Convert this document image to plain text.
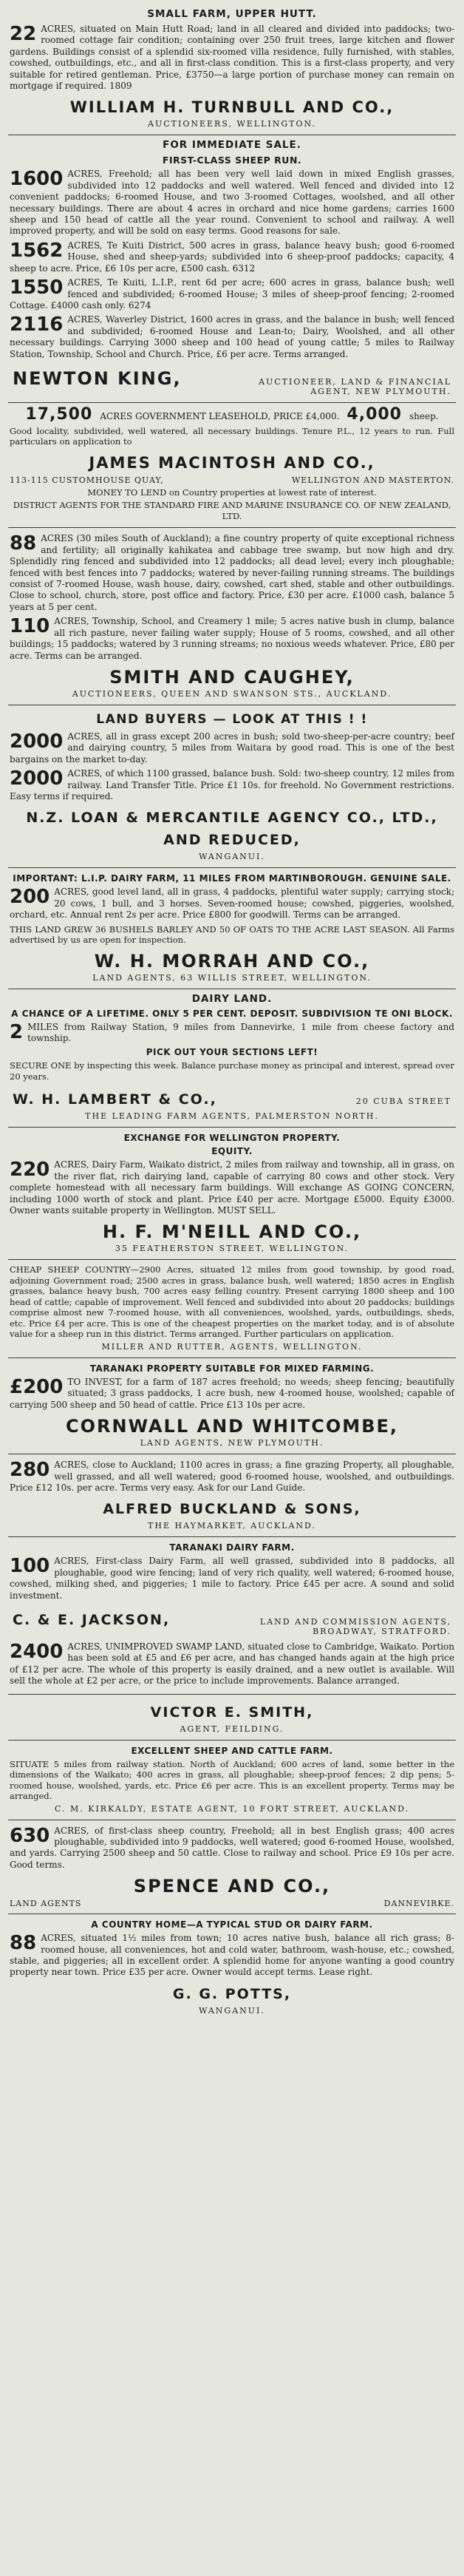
SMALL FARM, UPPER HUTT.
22 ACRES, situated on Main Hutt Road; land in all cleared and divided into paddocks; two-roomed cottage fair condition; containing over 250 fruit trees, large kitchen and flower gardens. Buildings consist of a splendid six-roomed villa residence, fully furnished, with stables, cowshed, outbuildings, etc., and all in first-class condition. This is a first-class property, and very suitable for retired gentleman. Price, £3750—a large portion of purchase money can remain on mortgage if required. 1809
WILLIAM H. TURNBULL AND CO.,
AUCTIONEERS, WELLINGTON.
FOR IMMEDIATE SALE.
FIRST-CLASS SHEEP RUN.
1600 ACRES, Freehold; all has been very well laid down in mixed English grasses, subdivided into 12 paddocks and well watered. Well fenced and divided into 12 convenient paddocks; 6-roomed House, and two 3-roomed Cottages, woolshed, and all other necessary buildings. There are about 4 acres in orchard and nice home gardens; carries 1600 sheep and 150 head of cattle all the year round. Convenient to school and railway. A well improved property, and will be sold on easy terms. Good reasons for sale.
1562 ACRES, Te Kuiti District, 500 acres in grass, balance heavy bush; good 6-roomed House, shed and sheep-yards; subdivided into 6 sheep-proof paddocks; capacity, 4 sheep to acre. Price, £6 10s per acre, £500 cash. 6312
1550 ACRES, Te Kuiti, L.I.P., rent 6d per acre; 600 acres in grass, balance bush; well fenced and subdivided; 6-roomed House; 3 miles of sheep-proof fencing; 2-roomed Cottage. £4000 cash only. 6274
2116 ACRES, Waverley District, 1600 acres in grass, and the balance in bush; well fenced and subdivided; 6-roomed House and Lean-to; Dairy, Woolshed, and all other necessary buildings. Carrying 3000 sheep and 100 head of young cattle; 5 miles to Railway Station, Township, School and Church. Price, £6 per acre. Terms arranged.
NEWTON KING,	AUCTIONEER, LAND & FINANCIAL AGENT, NEW PLYMOUTH.
17,500 ACRES GOVERNMENT LEASEHOLD, PRICE £4,000. 4,000 sheep.
Good locality, subdivided, well watered, all necessary buildings. Tenure P.L., 12 years to run. Full particulars on application to
JAMES MACINTOSH AND CO.,
113-115 CUSTOMHOUSE QUAY,	WELLINGTON AND MASTERTON.
MONEY TO LEND on Country properties at lowest rate of interest.
DISTRICT AGENTS FOR THE STANDARD FIRE AND MARINE INSURANCE CO. OF NEW ZEALAND, LTD.
88 ACRES (30 miles South of Auckland); a fine country property of quite exceptional richness and fertility; all originally kahikatea and cabbage tree swamp, but now high and dry. Splendidly ring fenced and subdivided into 12 paddocks; all dead level; every inch ploughable; fenced with best fences into 7 paddocks; watered by never-failing running streams. The buildings consist of 7-roomed House, wash house, dairy, cowshed, cart shed, stable and other outbuildings. Close to school, church, store, post office and factory. Price, £30 per acre. £1000 cash, balance 5 years at 5 per cent.
110 ACRES, Township, School, and Creamery 1 mile; 5 acres native bush in clump, balance all rich pasture, never failing water supply; House of 5 rooms, cowshed, and all other buildings; 15 paddocks; watered by 3 running streams; no noxious weeds whatever. Price, £80 per acre. Terms can be arranged.
SMITH AND CAUGHEY,
AUCTIONEERS, QUEEN AND SWANSON STS., AUCKLAND.
LAND BUYERS — LOOK AT THIS ! !
2000 ACRES, all in grass except 200 acres in bush; sold two-sheep-per-acre country; beef and dairying country, 5 miles from Waitara by good road. This is one of the best bargains on the market to-day.
2000 ACRES, of which 1100 grassed, balance bush. Sold: two-sheep country, 12 miles from railway. Land Transfer Title. Price £1 10s. for freehold. No Government restrictions. Easy terms if required.
N.Z. LOAN & MERCANTILE AGENCY CO., LTD., AND REDUCED,
WANGANUI.
IMPORTANT: L.I.P. DAIRY FARM, 11 MILES FROM MARTINBOROUGH. GENUINE SALE.
200 ACRES, good level land, all in grass, 4 paddocks, plentiful water supply; carrying stock; 20 cows, 1 bull, and 3 horses. Seven-roomed house; cowshed, piggeries, woolshed, orchard, etc. Annual rent 2s per acre. Price £800 for goodwill. Terms can be arranged.
THIS LAND GREW 36 BUSHELS BARLEY AND 50 OF OATS TO THE ACRE LAST SEASON. All Farms advertised by us are open for inspection.
W. H. MORRAH AND CO.,
LAND AGENTS, 63 WILLIS STREET, WELLINGTON.
DAIRY LAND.
A CHANCE OF A LIFETIME. ONLY 5 PER CENT. DEPOSIT. SUBDIVISION TE ONI BLOCK.
2 MILES from Railway Station, 9 miles from Dannevirke, 1 mile from cheese factory and township.
PICK OUT YOUR SECTIONS LEFT!
SECURE ONE by inspecting this week. Balance purchase money as principal and interest, spread over 20 years.
W. H. LAMBERT & CO.,	20 CUBA STREET
THE LEADING FARM AGENTS, PALMERSTON NORTH.
EXCHANGE FOR WELLINGTON PROPERTY.
EQUITY.
220 ACRES, Dairy Farm, Waikato district, 2 miles from railway and township, all in grass, on the river flat, rich dairying land, capable of carrying 80 cows and other stock. Very complete homestead with all necessary farm buildings. Will exchange AS GOING CONCERN, including 1000 worth of stock and plant. Price £40 per acre. Mortgage £5000. Equity £3000. Owner wants suitable property in Wellington. MUST SELL.
H. F. M'NEILL AND CO.,
35 FEATHERSTON STREET, WELLINGTON.
CHEAP SHEEP COUNTRY—2900 Acres, situated 12 miles from good township, by good road, adjoining Government road; 2500 acres in grass, balance bush, well watered; 1850 acres in English grasses, balance heavy bush, 700 acres easy felling country. Present carrying 1800 sheep and 100 head of cattle; capable of improvement. Well fenced and subdivided into about 20 paddocks; buildings comprise almost new 7-roomed house, with all conveniences, woolshed, yards, outbuildings, sheds, etc. Price £4 per acre. This is one of the cheapest properties on the market today, and is of absolute value for a sheep run in this district. Terms arranged. Further particulars on application.
MILLER AND RUTTER, AGENTS, WELLINGTON.
TARANAKI PROPERTY SUITABLE FOR MIXED FARMING.
£200 TO INVEST, for a farm of 187 acres freehold; no weeds; sheep fencing; beautifully situated; 3 grass paddocks, 1 acre bush, new 4-roomed house, woolshed; capable of carrying 500 sheep and 50 head of cattle. Price £13 10s per acre.
CORNWALL AND WHITCOMBE,
LAND AGENTS, NEW PLYMOUTH.
280 ACRES, close to Auckland; 1100 acres in grass; a fine grazing Property, all ploughable, well grassed, and all well watered; good 6-roomed house, woolshed, and outbuildings. Price £12 10s. per acre. Terms very easy. Ask for our Land Guide.
ALFRED BUCKLAND & SONS,
THE HAYMARKET, AUCKLAND.
TARANAKI DAIRY FARM.
100 ACRES, First-class Dairy Farm, all well grassed, subdivided into 8 paddocks, all ploughable, good wire fencing; land of very rich quality, well watered; 6-roomed house, cowshed, milking shed, and piggeries; 1 mile to factory. Price £45 per acre. A sound and solid investment.
C. & E. JACKSON,	LAND AND COMMISSION AGENTS, BROADWAY, STRATFORD.
2400 ACRES, UNIMPROVED SWAMP LAND, situated close to Cambridge, Waikato. Portion has been sold at £5 and £6 per acre, and has changed hands again at the high price of £12 per acre. The whole of this property is easily drained, and a new outlet is available. Will sell the whole at £2 per acre, or the price to include improvements. Balance arranged.
VICTOR E. SMITH,
AGENT, FEILDING.
EXCELLENT SHEEP AND CATTLE FARM.
SITUATE 5 miles from railway station. North of Auckland; 600 acres of land, some better in the dimensions of the Waikato; 400 acres in grass, all ploughable; sheep-proof fences; 2 dip pens; 5-roomed house, woolshed, yards, etc. Price £6 per acre. This is an excellent property. Terms may be arranged.
C. M. KIRKALDY, ESTATE AGENT, 10 FORT STREET, AUCKLAND.
630 ACRES, of first-class sheep country, Freehold; all in best English grass; 400 acres ploughable, subdivided into 9 paddocks, well watered; good 6-roomed House, woolshed, and yards. Carrying 2500 sheep and 50 cattle. Close to railway and school. Price £9 10s per acre. Good terms.
SPENCE AND CO.,
LAND AGENTS	DANNEVIRKE.
A COUNTRY HOME—A TYPICAL STUD OR DAIRY FARM.
88 ACRES, situated 1½ miles from town; 10 acres native bush, balance all rich grass; 8-roomed house, all conveniences, hot and cold water, bathroom, wash-house, etc.; cowshed, stable, and piggeries; all in excellent order. A splendid home for anyone wanting a good country property near town. Price £35 per acre. Owner would accept terms. Lease right.
G. G. POTTS,
WANGANUI.
